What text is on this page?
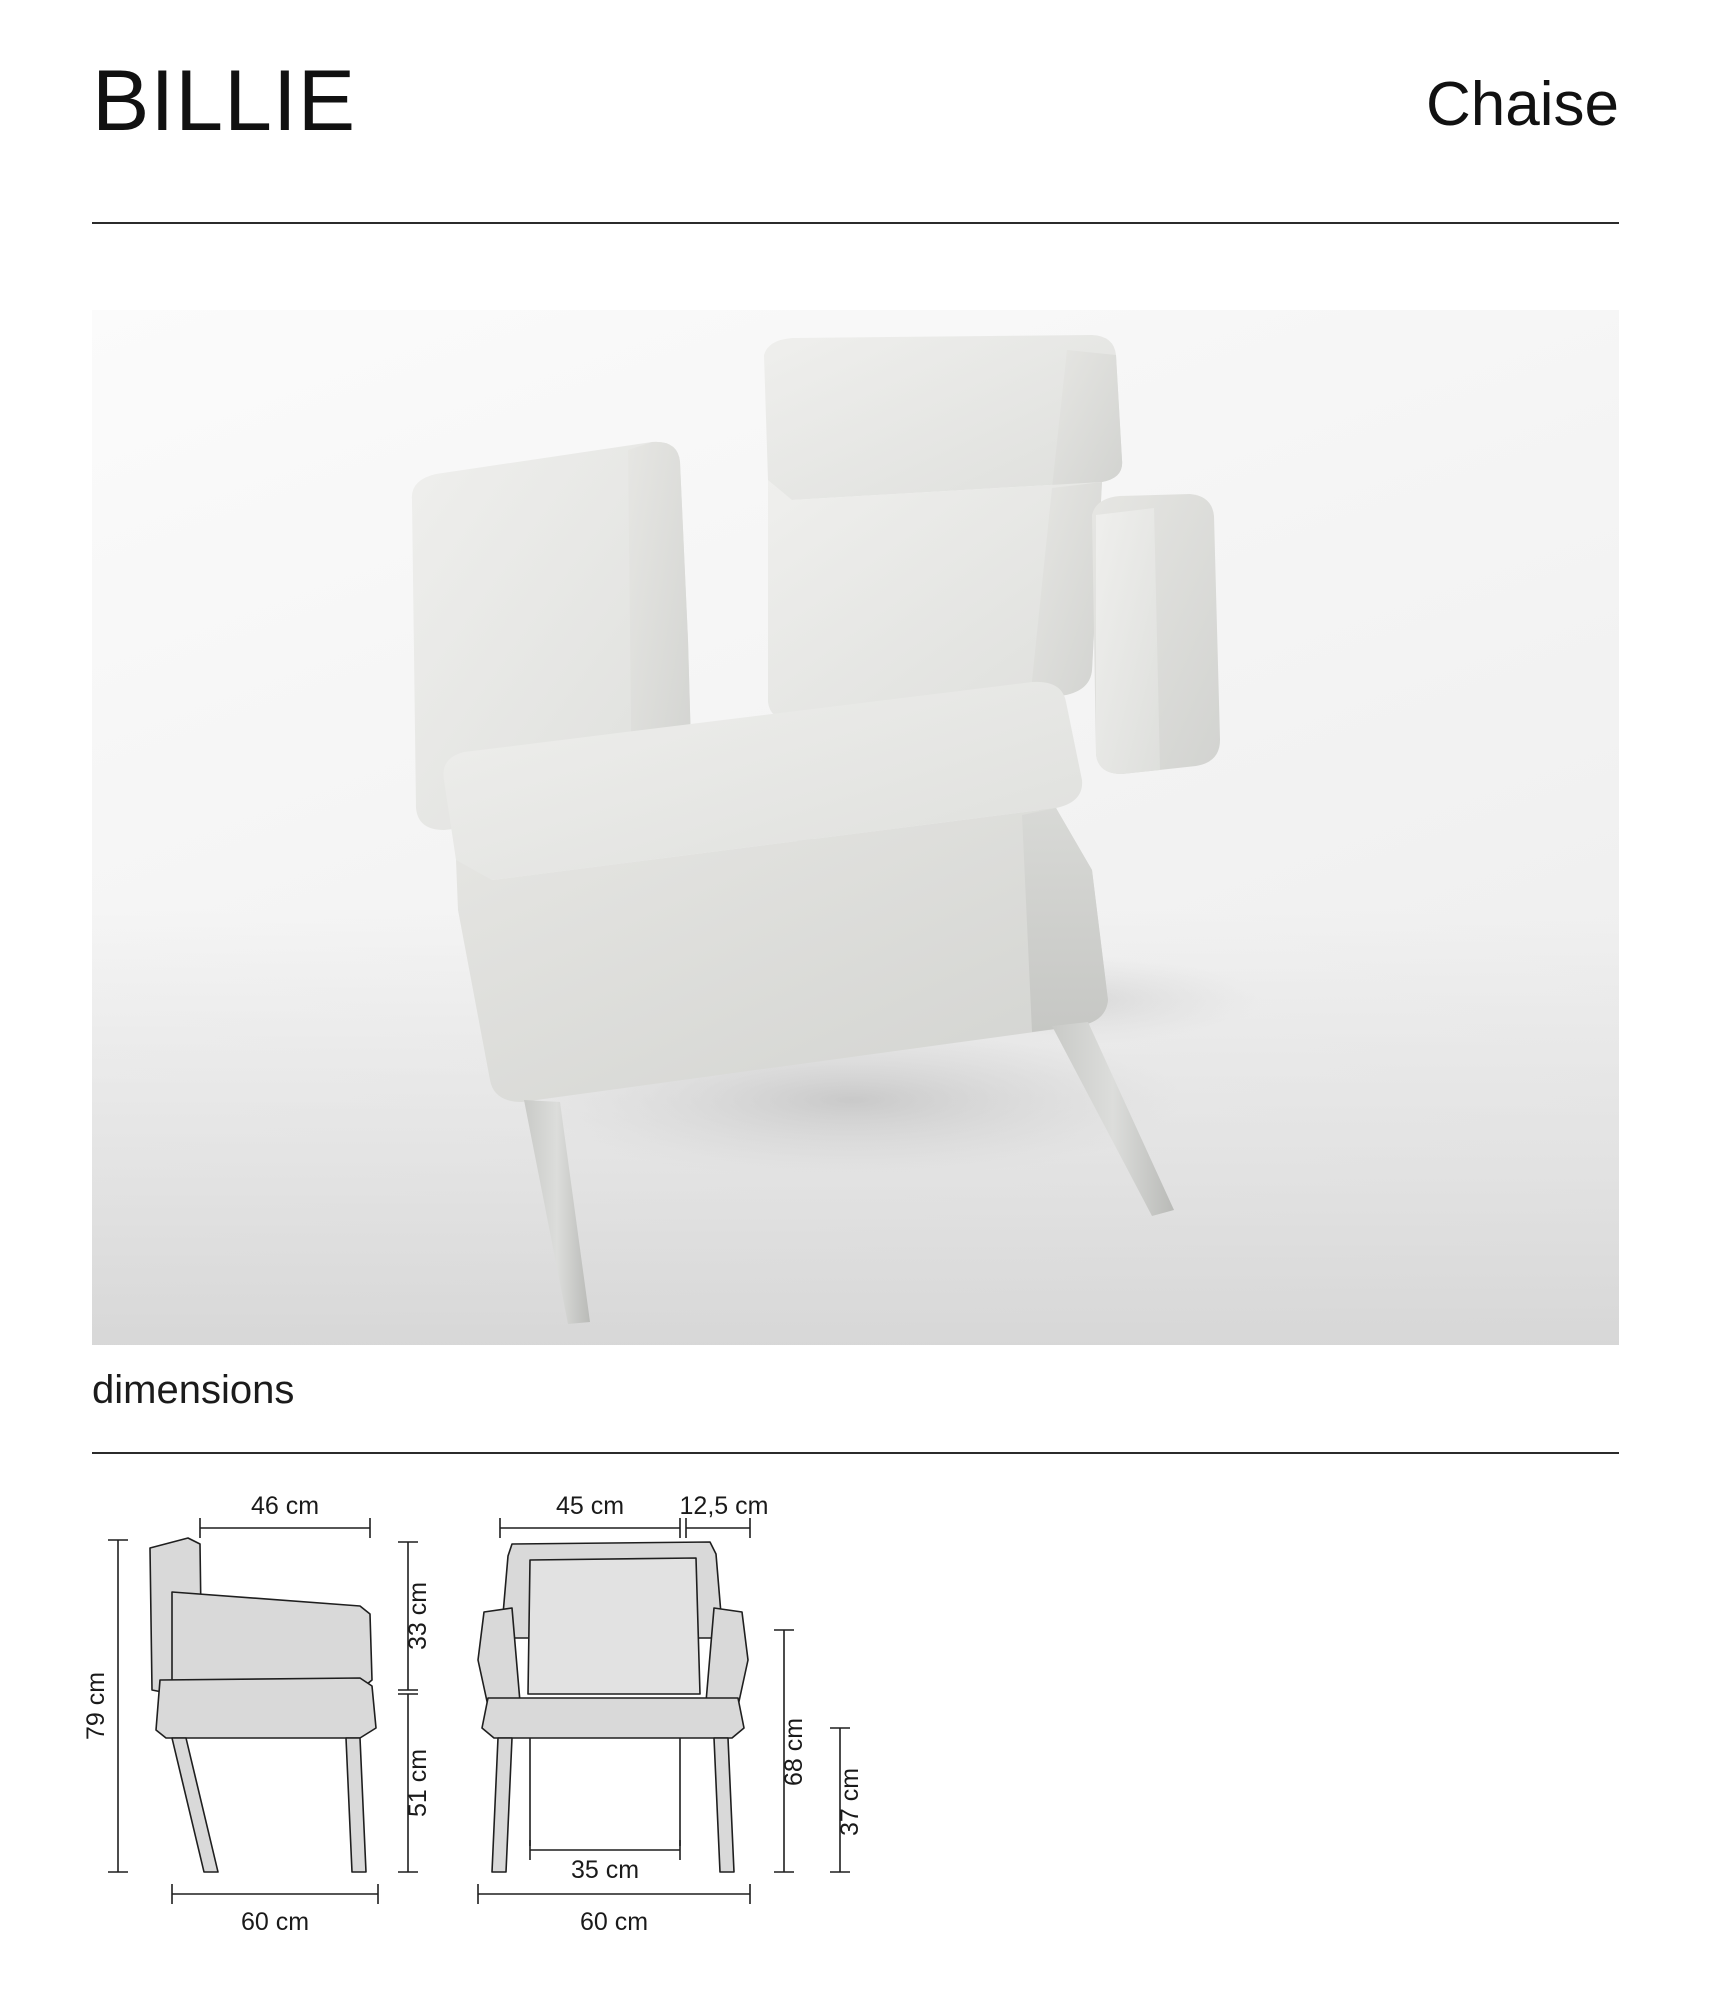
BILLIE	Chaise
dimensions
46 cm
79 cm
33 cm
51 cm
60 cm
45 cm 12,5 cm
35 cm
68 cm
37 cm
60 cm
